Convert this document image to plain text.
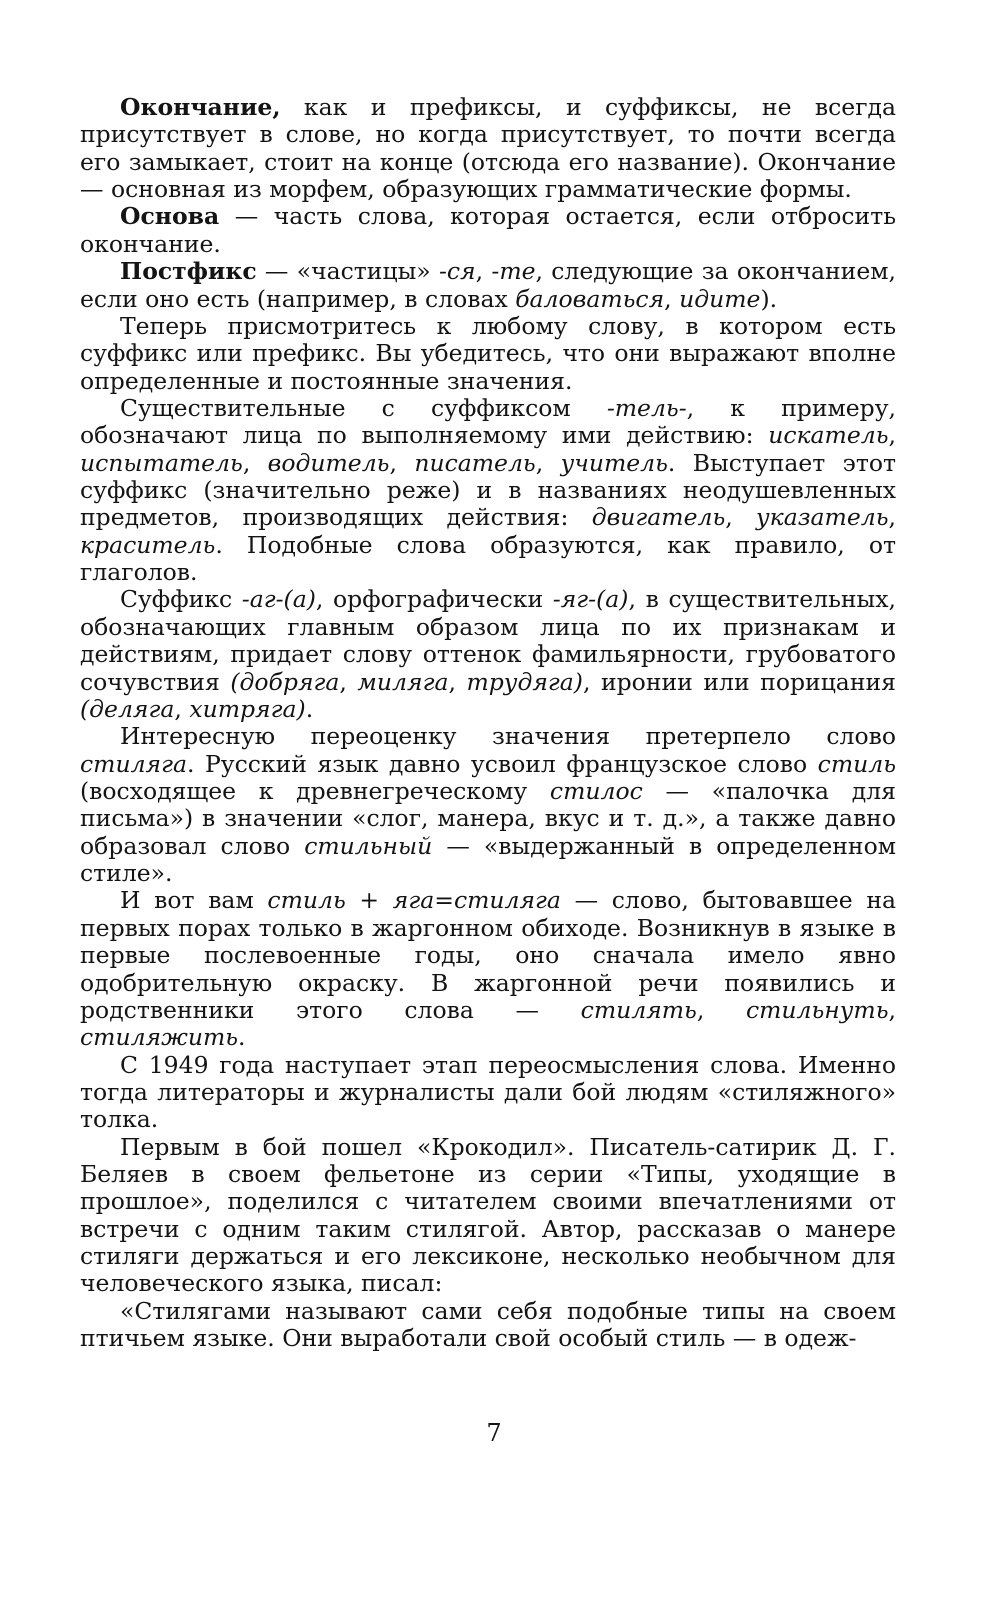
Окончание, как и префиксы, и суффиксы, не всегда присутствует в слове, но когда присутствует, то почти всегда его замыкает, стоит на конце (отсюда его название). Окончание — основная из морфем, образующих грамматические формы.

Основа — часть слова, которая остается, если отбросить окончание.

Постфикс — «частицы» -ся, -те, следующие за окончанием, если оно есть (например, в словах баловаться, идите).

Теперь присмотритесь к любому слову, в котором есть суффикс или префикс. Вы убедитесь, что они выражают вполне определенные и постоянные значения.

Существительные с суффиксом -тель-, к примеру, обозначают лица по выполняемому ими действию: искатель, испытатель, водитель, писатель, учитель. Выступает этот суффикс (значительно реже) и в названиях неодушевленных предметов, производящих действия: двигатель, указатель, краситель. Подобные слова образуются, как правило, от глаголов.

Суффикс -аг-(а), орфографически -яг-(а), в существительных, обозначающих главным образом лица по их признакам и действиям, придает слову оттенок фамильярности, грубоватого сочувствия (добряга, миляга, трудяга), иронии или порицания (деляга, хитряга).

Интересную переоценку значения претерпело слово стиляга. Русский язык давно усвоил французское слово стиль (восходящее к древнегреческому стилос — «палочка для письма») в значении «слог, манера, вкус и т. д.», а также давно образовал слово стильный — «выдержанный в определенном стиле».

И вот вам стиль + яга=стиляга — слово, бытовавшее на первых порах только в жаргонном обиходе. Возникнув в языке в первые послевоенные годы, оно сначала имело явно одобрительную окраску. В жаргонной речи появились и родственники этого слова — стилять, стильнуть, стиляжить.

С 1949 года наступает этап переосмысления слова. Именно тогда литераторы и журналисты дали бой людям «стиляжного» толка.

Первым в бой пошел «Крокодил». Писатель-сатирик Д. Г. Беляев в своем фельетоне из серии «Типы, уходящие в прошлое», поделился с читателем своими впечатлениями от встречи с одним таким стилягой. Автор, рассказав о манере стиляги держаться и его лексиконе, несколько необычном для человеческого языка, писал:

«Стилягами называют сами себя подобные типы на своем птичьем языке. Они выработали свой особый стиль — в одеж-

7
